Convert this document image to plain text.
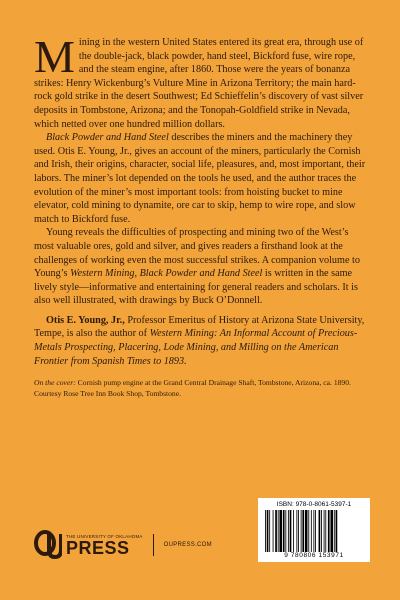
Mining in the western United States entered its great era, through use of the double-jack, black powder, hand steel, Bickford fuse, wire rope, and the steam engine, after 1860. Those were the years of bonanza strikes: Henry Wickenburg’s Vulture Mine in Arizona Territory; the main hard-rock gold strike in the desert Southwest; Ed Schieffelin’s discovery of vast silver deposits in Tombstone, Arizona; and the Tonopah-Goldfield strike in Nevada, which netted over one hundred million dollars.

Black Powder and Hand Steel describes the miners and the machinery they used. Otis E. Young, Jr., gives an account of the miners, particularly the Cornish and Irish, their origins, character, social life, pleasures, and, most important, their labors. The miner’s lot depended on the tools he used, and the author traces the evolution of the miner’s most important tools: from hoisting bucket to mine elevator, cold mining to dynamite, ore car to skip, hemp to wire rope, and slow match to Bickford fuse.

Young reveals the difficulties of prospecting and mining two of the West’s most valuable ores, gold and silver, and gives readers a firsthand look at the challenges of working even the most successful strikes. A companion volume to Young’s Western Mining, Black Powder and Hand Steel is written in the same lively style—informative and entertaining for general readers and scholars. It is also well illustrated, with drawings by Buck O’Donnell.

Otis E. Young, Jr., Professor Emeritus of History at Arizona State University, Tempe, is also the author of Western Mining: An Informal Account of Precious-Metals Prospecting, Placering, Lode Mining, and Milling on the American Frontier from Spanish Times to 1893.

On the cover: Cornish pump engine at the Grand Central Drainage Shaft, Tombstone, Arizona, ca. 1890. Courtesy Rose Tree Inn Book Shop, Tombstone.

THE UNIVERSITY OF OKLAHOMA
PRESS	OUPRESS.COM
ISBN: 978-0-8061-5397-1
9 780806 153971
